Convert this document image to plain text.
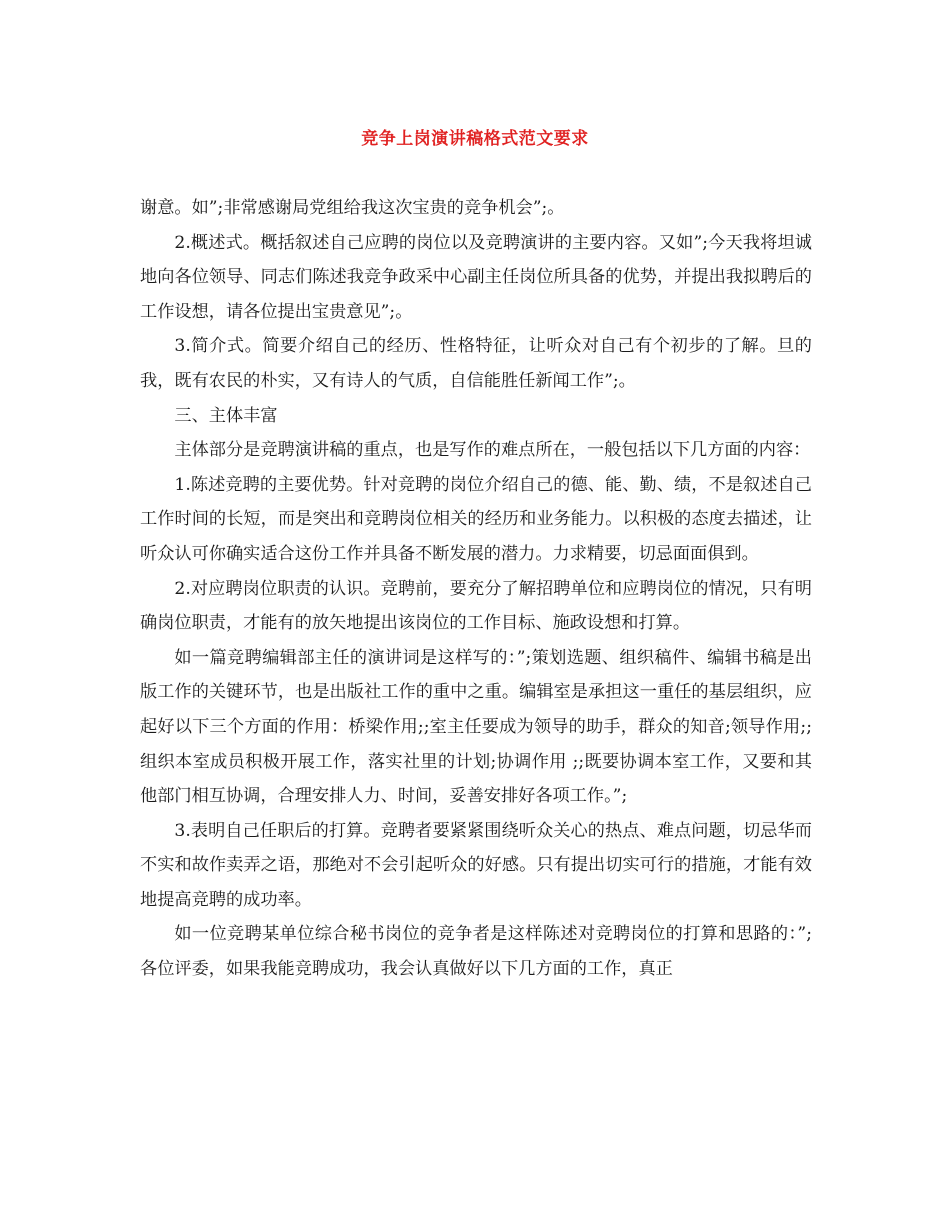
竞争上岗演讲稿格式范文要求

谢意。如”;非常感谢局党组给我这次宝贵的竞争机会”;。

2.概述式。概括叙述自己应聘的岗位以及竞聘演讲的主要内容。又如”;今天我将坦诚地向各位领导、同志们陈述我竞争政采中心副主任岗位所具备的优势，并提出我拟聘后的工作设想，请各位提出宝贵意见”;。

3.简介式。简要介绍自己的经历、性格特征，让听众对自己有个初步的了解。旦的我，既有农民的朴实，又有诗人的气质，自信能胜任新闻工作”;。

三、主体丰富

主体部分是竞聘演讲稿的重点，也是写作的难点所在，一般包括以下几方面的内容：

1.陈述竞聘的主要优势。针对竞聘的岗位介绍自己的德、能、勤、绩，不是叙述自己工作时间的长短，而是突出和竞聘岗位相关的经历和业务能力。以积极的态度去描述，让听众认可你确实适合这份工作并具备不断发展的潜力。力求精要，切忌面面俱到。

2.对应聘岗位职责的认识。竞聘前，要充分了解招聘单位和应聘岗位的情况，只有明确岗位职责，才能有的放矢地提出该岗位的工作目标、施政设想和打算。

如一篇竞聘编辑部主任的演讲词是这样写的：”;策划选题、组织稿件、编辑书稿是出版工作的关键环节，也是出版社工作的重中之重。编辑室是承担这一重任的基层组织，应起好以下三个方面的作用：桥梁作用;;室主任要成为领导的助手，群众的知音;领导作用;;组织本室成员积极开展工作，落实社里的计划;协调作用 ;;既要协调本室工作，又要和其他部门相互协调，合理安排人力、时间，妥善安排好各项工作。”;

3.表明自己任职后的打算。竞聘者要紧紧围绕听众关心的热点、难点问题，切忌华而不实和故作卖弄之语，那绝对不会引起听众的好感。只有提出切实可行的措施，才能有效地提高竞聘的成功率。

如一位竞聘某单位综合秘书岗位的竞争者是这样陈述对竞聘岗位的打算和思路的：”;各位评委，如果我能竞聘成功，我会认真做好以下几方面的工作，真正
